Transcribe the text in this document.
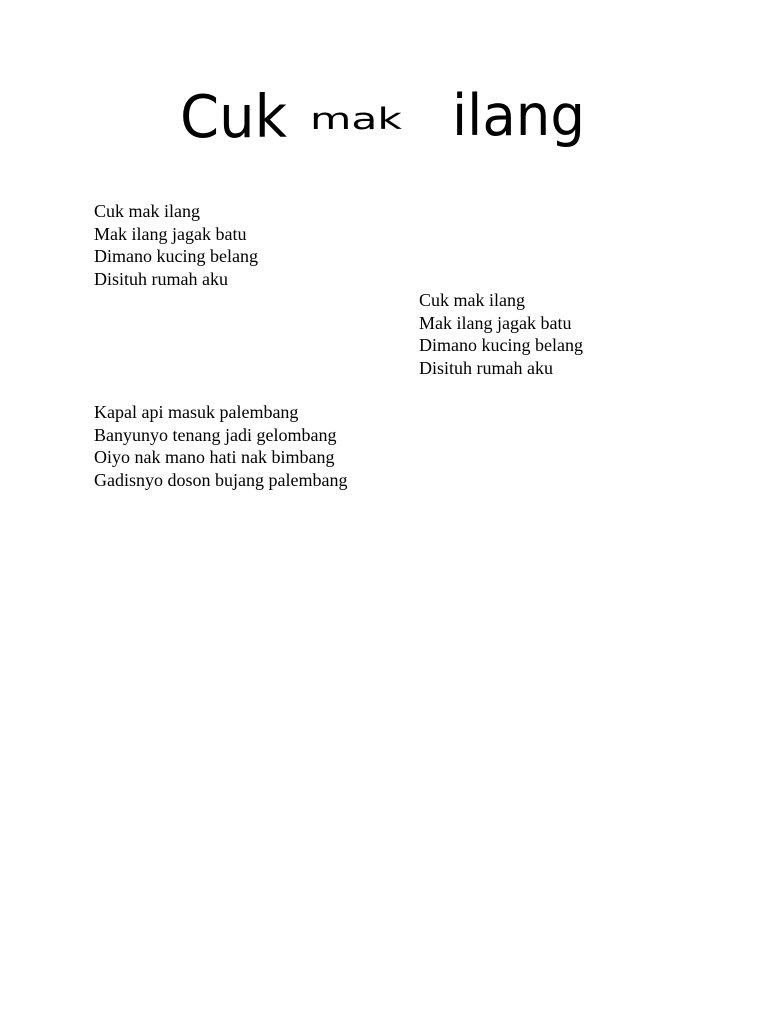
Cuk mak ilang
Cuk mak ilang
Mak ilang jagak batu
Dimano kucing belang
Disituh rumah aku
Cuk mak ilang
Mak ilang jagak batu
Dimano kucing belang
Disituh rumah aku
Kapal api masuk palembang
Banyunyo tenang jadi gelombang
Oiyo nak mano hati nak bimbang
Gadisnyo doson bujang palembang
